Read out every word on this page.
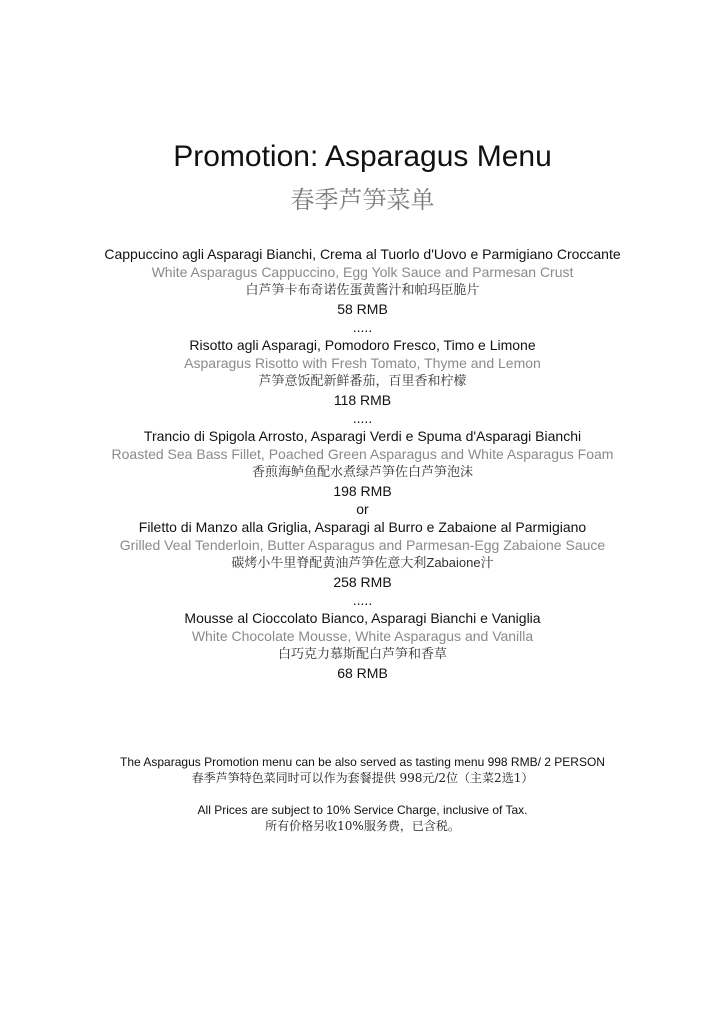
Promotion: Asparagus Menu
春季芦笋菜单
Cappuccino agli Asparagi Bianchi, Crema al Tuorlo d'Uovo e Parmigiano Croccante
White Asparagus Cappuccino, Egg Yolk Sauce and Parmesan Crust
白芦笋卡布奇诺佐蛋黄酱汁和帕玛臣脆片
58 RMB
.....
Risotto agli Asparagi, Pomodoro Fresco, Timo e Limone
Asparagus Risotto with Fresh Tomato, Thyme and Lemon
芦笋意饭配新鲜番茄，百里香和柠檬
118 RMB
.....
Trancio di Spigola Arrosto, Asparagi Verdi e Spuma d'Asparagi Bianchi
Roasted Sea Bass Fillet, Poached Green Asparagus and White Asparagus Foam
香煎海鲈鱼配水煮绿芦笋佐白芦笋泡沫
198 RMB
or
Filetto di Manzo alla Griglia, Asparagi al Burro e Zabaione al Parmigiano
Grilled Veal Tenderloin, Butter Asparagus and Parmesan-Egg Zabaione Sauce
碳烤小牛里脊配黄油芦笋佐意大利Zabaione汁
258 RMB
.....
Mousse al Cioccolato Bianco, Asparagi Bianchi e Vaniglia
White Chocolate Mousse, White Asparagus and Vanilla
白巧克力慕斯配白芦笋和香草
68 RMB
The Asparagus Promotion menu can be also served as tasting menu 998 RMB/ 2 PERSON
春季芦笋特色菜同时可以作为套餐提供 998元/2位（主菜2选1）
All Prices are subject to 10% Service Charge, inclusive of Tax.
所有价格另收10%服务费，已含税。
